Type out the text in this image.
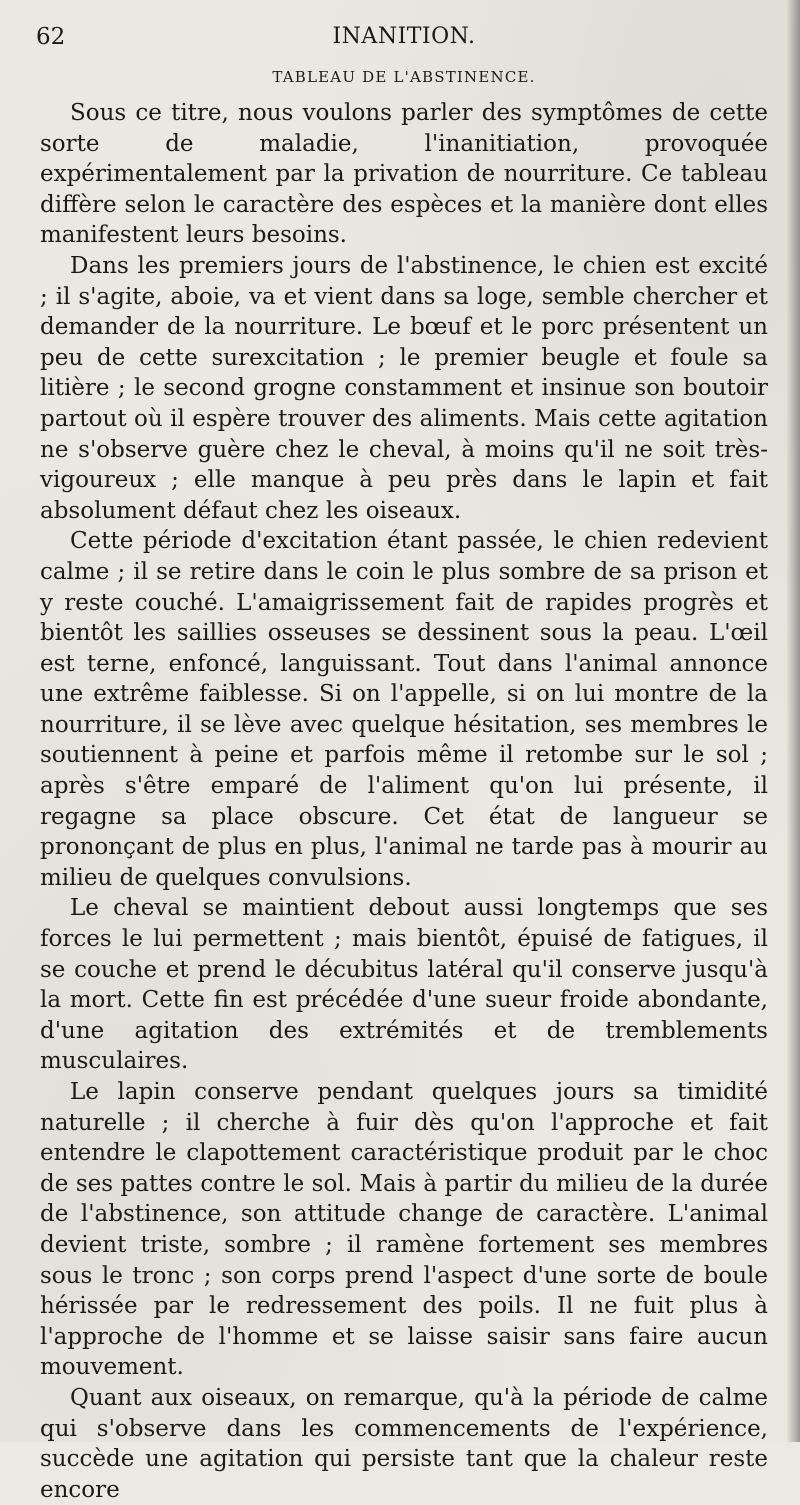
62	INANITION.
TABLEAU DE L'ABSTINENCE.

Sous ce titre, nous voulons parler des symptômes de cette sorte de maladie, l'inanitiation, provoquée expérimentalement par la privation de nourriture. Ce tableau diffère selon le caractère des espèces et la manière dont elles manifestent leurs besoins.

Dans les premiers jours de l'abstinence, le chien est excité ; il s'agite, aboie, va et vient dans sa loge, semble chercher et demander de la nourriture. Le bœuf et le porc présentent un peu de cette surexcitation ; le premier beugle et foule sa litière ; le second grogne constamment et insinue son boutoir partout où il espère trouver des aliments. Mais cette agitation ne s'observe guère chez le cheval, à moins qu'il ne soit très-vigoureux ; elle manque à peu près dans le lapin et fait absolument défaut chez les oiseaux.

Cette période d'excitation étant passée, le chien redevient calme ; il se retire dans le coin le plus sombre de sa prison et y reste couché. L'amaigrissement fait de rapides progrès et bientôt les saillies osseuses se dessinent sous la peau. L'œil est terne, enfoncé, languissant. Tout dans l'animal annonce une extrême faiblesse. Si on l'appelle, si on lui montre de la nourriture, il se lève avec quelque hésitation, ses membres le soutiennent à peine et parfois même il retombe sur le sol ; après s'être emparé de l'aliment qu'on lui présente, il regagne sa place obscure. Cet état de langueur se prononçant de plus en plus, l'animal ne tarde pas à mourir au milieu de quelques convulsions.

Le cheval se maintient debout aussi longtemps que ses forces le lui permettent ; mais bientôt, épuisé de fatigues, il se couche et prend le décubitus latéral qu'il conserve jusqu'à la mort. Cette fin est précédée d'une sueur froide abondante, d'une agitation des extrémités et de tremblements musculaires.

Le lapin conserve pendant quelques jours sa timidité naturelle ; il cherche à fuir dès qu'on l'approche et fait entendre le clapottement caractéristique produit par le choc de ses pattes contre le sol. Mais à partir du milieu de la durée de l'abstinence, son attitude change de caractère. L'animal devient triste, sombre ; il ramène fortement ses membres sous le tronc ; son corps prend l'aspect d'une sorte de boule hérissée par le redressement des poils. Il ne fuit plus à l'approche de l'homme et se laisse saisir sans faire aucun mouvement.

Quant aux oiseaux, on remarque, qu'à la période de calme qui s'observe dans les commencements de l'expérience, succède une agitation qui persiste tant que la chaleur reste encore
